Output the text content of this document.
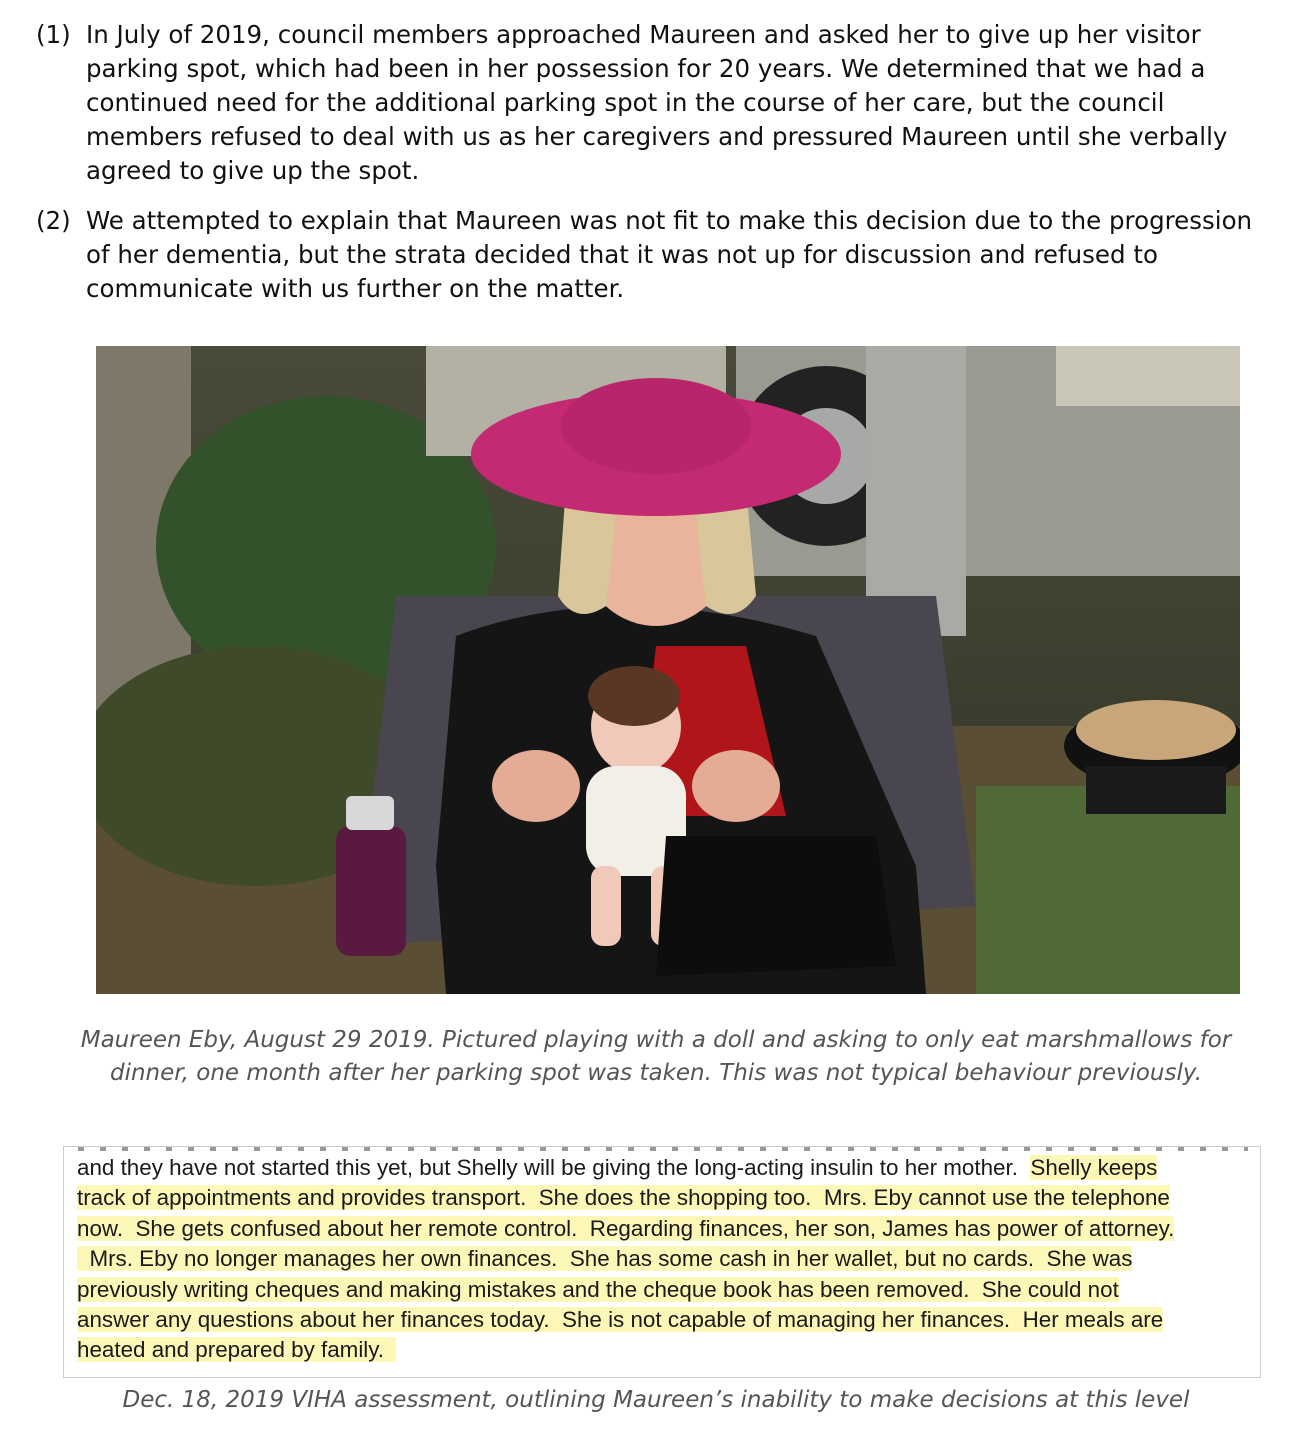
(1) In July of 2019, council members approached Maureen and asked her to give up her visitor parking spot, which had been in her possession for 20 years. We determined that we had a continued need for the additional parking spot in the course of her care, but the council members refused to deal with us as her caregivers and pressured Maureen until she verbally agreed to give up the spot.
(2) We attempted to explain that Maureen was not fit to make this decision due to the progression of her dementia, but the strata decided that it was not up for discussion and refused to communicate with us further on the matter.
Maureen Eby, August 29 2019. Pictured playing with a doll and asking to only eat marshmallows for dinner, one month after her parking spot was taken. This was not typical behaviour previously.
and they have not started this yet, but Shelly will be giving the long-acting insulin to her mother.  Shelly keeps
track of appointments and provides transport.  She does the shopping too.  Mrs. Eby cannot use the telephone
now.  She gets confused about her remote control.  Regarding finances, her son, James has power of attorney.
Mrs. Eby no longer manages her own finances.  She has some cash in her wallet, but no cards.  She was
previously writing cheques and making mistakes and the cheque book has been removed.  She could not
answer any questions about her finances today.  She is not capable of managing her finances.  Her meals are
heated and prepared by family.
Dec. 18, 2019 VIHA assessment, outlining Maureen’s inability to make decisions at this level
